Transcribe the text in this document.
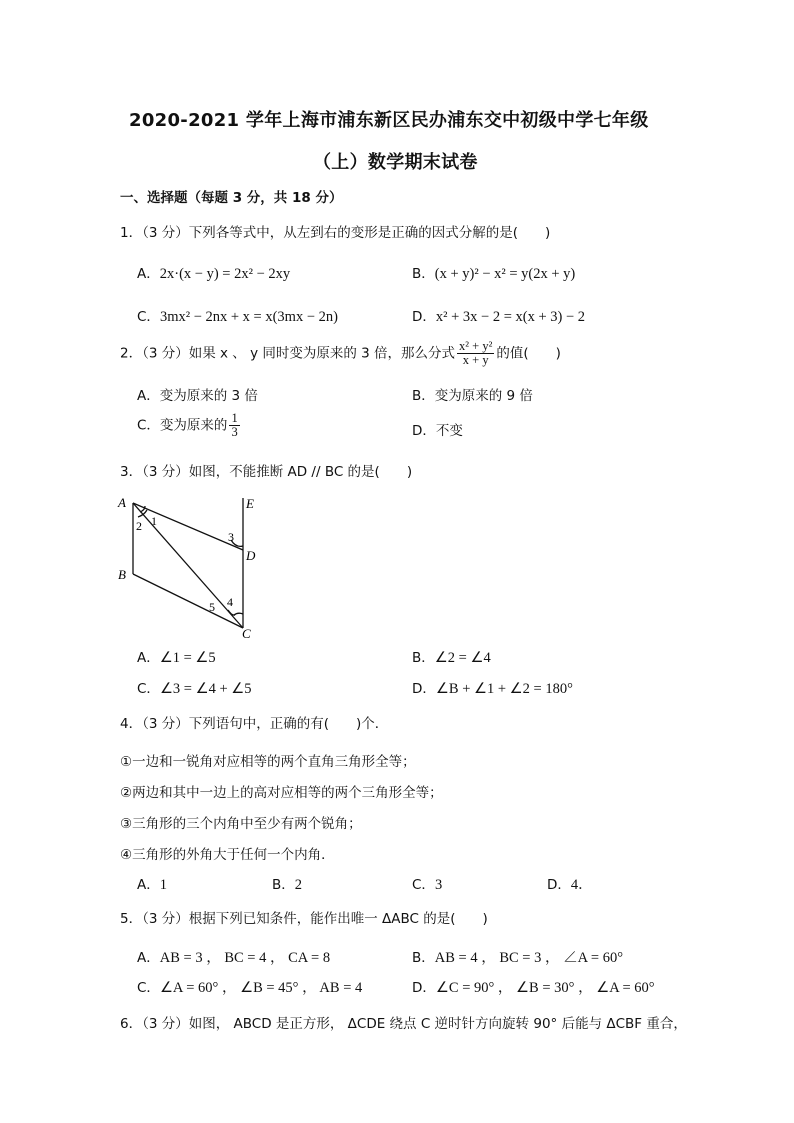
2020-2021 学年上海市浦东新区民办浦东交中初级中学七年级
（上）数学期末试卷
一、选择题（每题 3 分，共 18 分）
1．（3 分）下列各等式中，从左到右的变形是正确的因式分解的是(　　)
A．2x·(x − y) = 2x² − 2xy	B．(x + y)² − x² = y(2x + y)
C．3mx² − 2nx + x = x(3mx − 2n)	D．x² + 3x − 2 = x(x + 3) − 2
2．（3 分）如果 x 、 y 同时变为原来的 3 倍，那么分式 $\frac{\text{x² + y²}}{x + y}$ 的值(　　)
A．变为原来的 3 倍	B．变为原来的 9 倍
C．变为原来的 $\frac{1}{3}$	D．不变
3．（3 分）如图，不能推断 AD // BC 的是(　　)
A	E
D
B
C
1
2
3
4
5
A．∠1 = ∠5	B．∠2 = ∠4
C．∠3 = ∠4 + ∠5	D．∠B + ∠1 + ∠2 = 180°
4．（3 分）下列语句中，正确的有(　　)个．
①一边和一锐角对应相等的两个直角三角形全等；
②两边和其中一边上的高对应相等的两个三角形全等；
③三角形的三个内角中至少有两个锐角；
④三角形的外角大于任何一个内角．
A．1	B．2	C．3	D．4．
5．（3 分）根据下列已知条件，能作出唯一 ΔABC 的是(　　)
A．AB = 3 ， BC = 4 ， CA = 8	B．AB = 4 ， BC = 3 ， ∠A = 60°
C．∠A = 60° ， ∠B = 45° ， AB = 4	D．∠C = 90° ， ∠B = 30° ， ∠A = 60°
6．（3 分）如图， ABCD 是正方形， ΔCDE 绕点 C 逆时针方向旋转 90° 后能与 ΔCBF 重合，
